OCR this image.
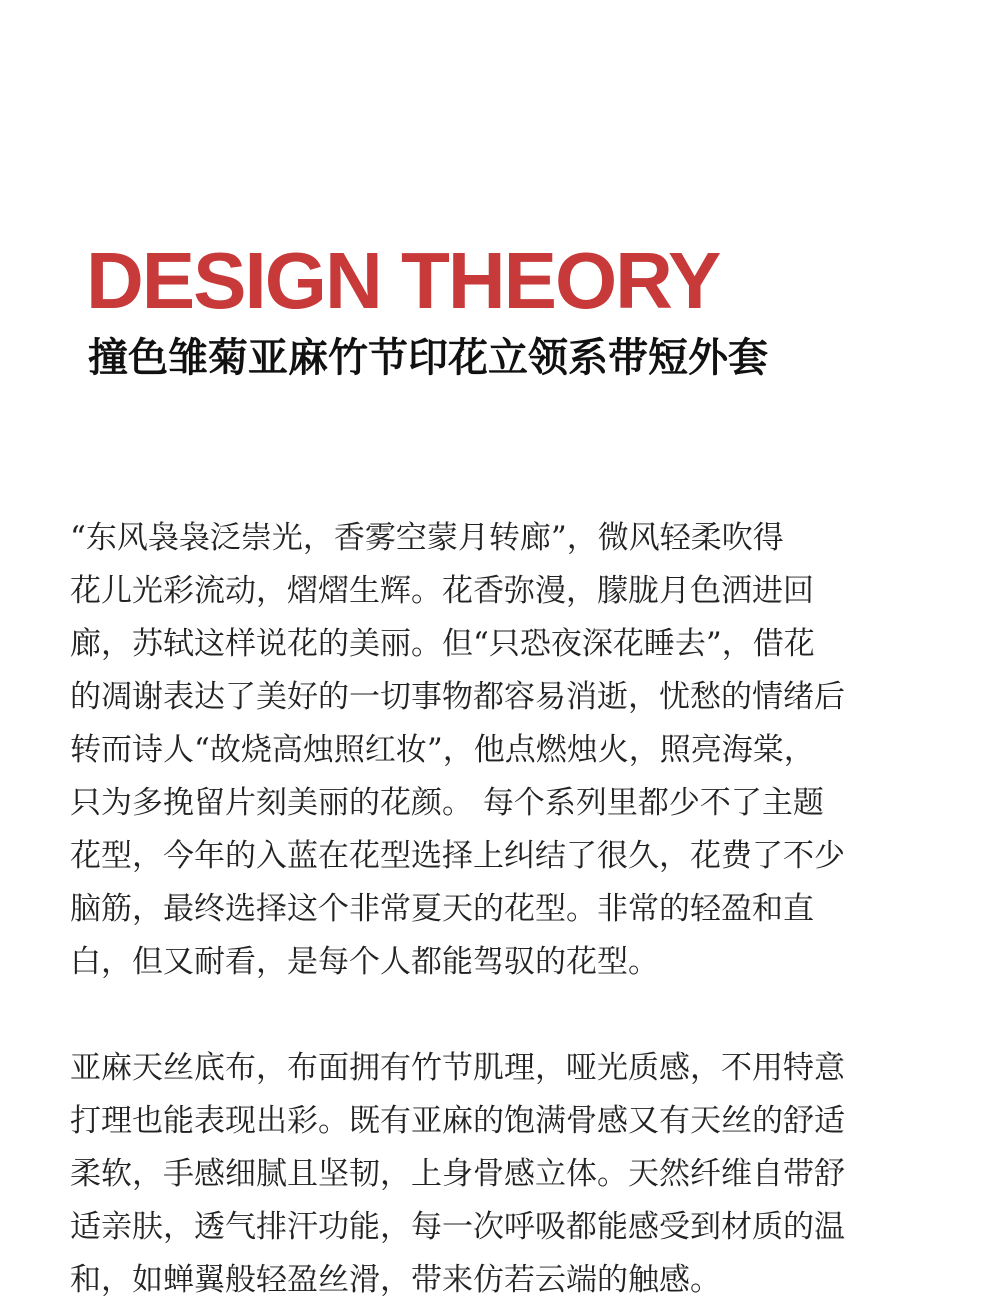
DESIGN THEORY
撞色雏菊亚麻竹节印花立领系带短外套
“东风袅袅泛崇光，香雾空蒙月转廊”，微风轻柔吹得
花儿光彩流动，熠熠生辉。花香弥漫，朦胧月色洒进回
廊，苏轼这样说花的美丽。但“只恐夜深花睡去”，借花
的凋谢表达了美好的一切事物都容易消逝，忧愁的情绪后
转而诗人“故烧高烛照红妆”，他点燃烛火，照亮海棠，
只为多挽留片刻美丽的花颜。 每个系列里都少不了主题
花型，今年的入蓝在花型选择上纠结了很久，花费了不少
脑筋，最终选择这个非常夏天的花型。非常的轻盈和直
白，但又耐看，是每个人都能驾驭的花型。
亚麻天丝底布，布面拥有竹节肌理，哑光质感，不用特意
打理也能表现出彩。既有亚麻的饱满骨感又有天丝的舒适
柔软，手感细腻且坚韧，上身骨感立体。天然纤维自带舒
适亲肤，透气排汗功能，每一次呼吸都能感受到材质的温
和，如蝉翼般轻盈丝滑，带来仿若云端的触感。
